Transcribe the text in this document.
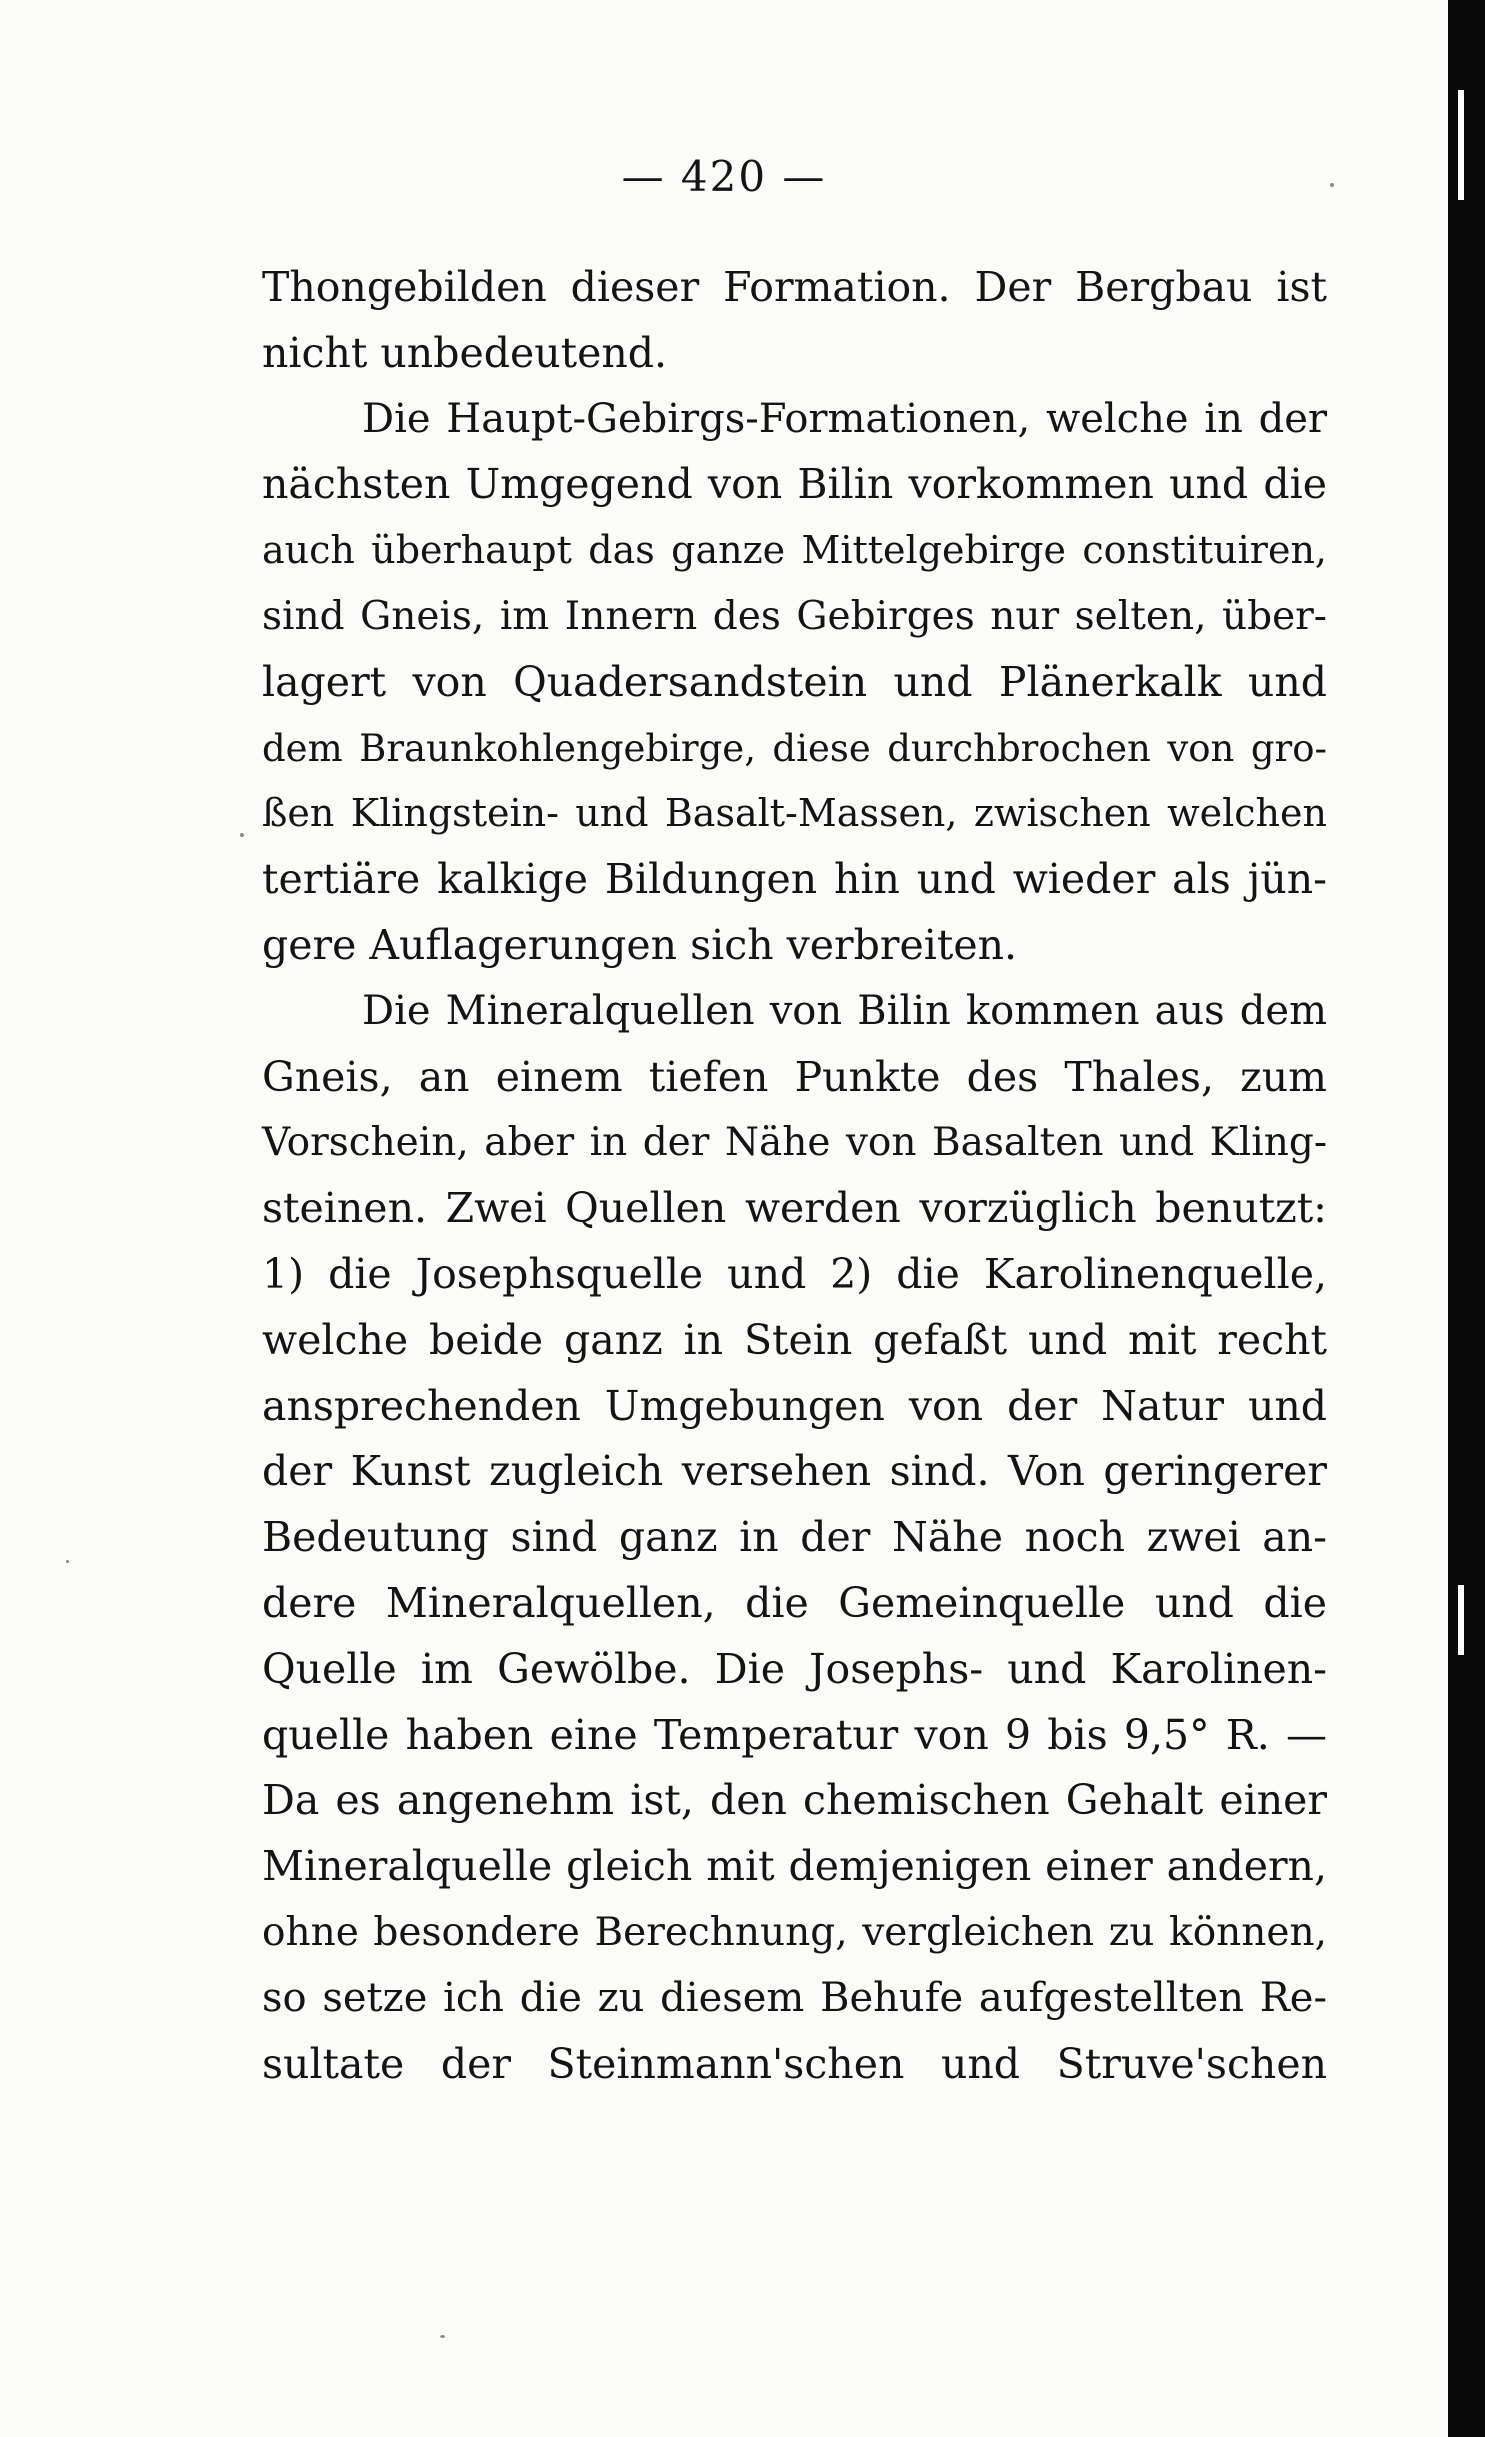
— 420 —
Thongebilden dieser Formation. Der Bergbau ist
nicht unbedeutend.
Die Haupt-Gebirgs-Formationen, welche in der
nächsten Umgegend von Bilin vorkommen und die
auch überhaupt das ganze Mittelgebirge constituiren,
sind Gneis, im Innern des Gebirges nur selten, über-
lagert von Quadersandstein und Plänerkalk und
dem Braunkohlengebirge, diese durchbrochen von gro-
ßen Klingstein- und Basalt-Massen, zwischen welchen
tertiäre kalkige Bildungen hin und wieder als jün-
gere Auflagerungen sich verbreiten.
Die Mineralquellen von Bilin kommen aus dem
Gneis, an einem tiefen Punkte des Thales, zum
Vorschein, aber in der Nähe von Basalten und Kling-
steinen. Zwei Quellen werden vorzüglich benutzt:
1) die Josephsquelle und 2) die Karolinenquelle,
welche beide ganz in Stein gefaßt und mit recht
ansprechenden Umgebungen von der Natur und
der Kunst zugleich versehen sind. Von geringerer
Bedeutung sind ganz in der Nähe noch zwei an-
dere Mineralquellen, die Gemeinquelle und die
Quelle im Gewölbe. Die Josephs- und Karolinen-
quelle haben eine Temperatur von 9 bis 9,5° R. —
Da es angenehm ist, den chemischen Gehalt einer
Mineralquelle gleich mit demjenigen einer andern,
ohne besondere Berechnung, vergleichen zu können,
so setze ich die zu diesem Behufe aufgestellten Re-
sultate der Steinmann'schen und Struve'schen
